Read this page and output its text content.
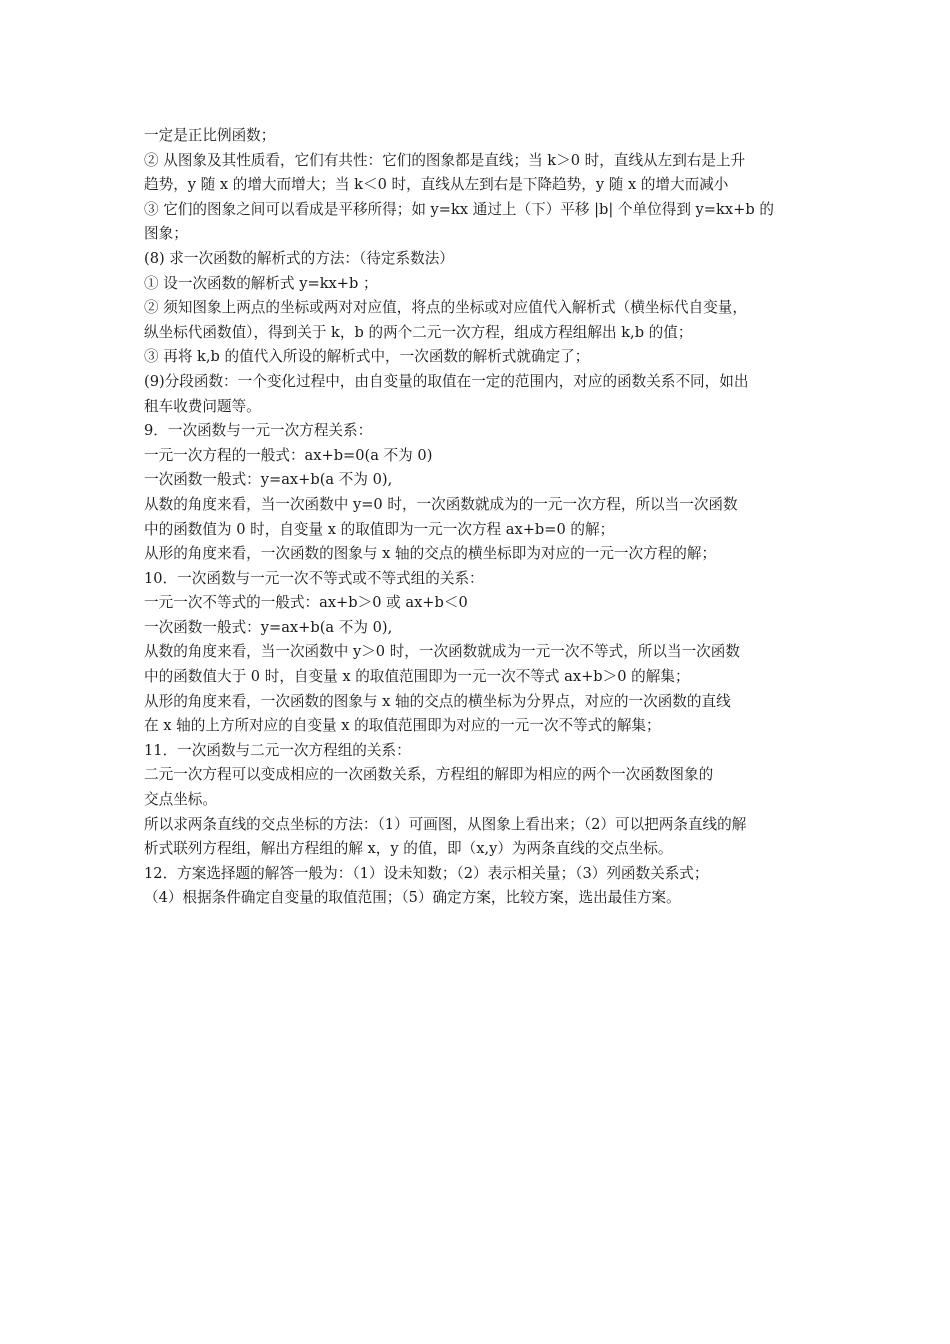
一定是正比例函数；

② 从图象及其性质看，它们有共性：它们的图象都是直线；当 k＞0 时，直线从左到右是上升

趋势，y 随 x 的增大而增大；当 k＜0 时，直线从左到右是下降趋势，y 随 x 的增大而减小

③ 它们的图象之间可以看成是平移所得；如 y=kx 通过上（下）平移 |b| 个单位得到 y=kx+b 的

图象；

(8) 求一次函数的解析式的方法：（待定系数法）

① 设一次函数的解析式 y=kx+b ；

② 须知图象上两点的坐标或两对对应值，将点的坐标或对应值代入解析式（横坐标代自变量，

纵坐标代函数值），得到关于 k，b 的两个二元一次方程，组成方程组解出 k,b 的值；

③ 再将 k,b 的值代入所设的解析式中，一次函数的解析式就确定了；

(9)分段函数：一个变化过程中，由自变量的取值在一定的范围内，对应的函数关系不同，如出

租车收费问题等。

9．一次函数与一元一次方程关系：

一元一次方程的一般式：ax+b=0(a 不为 0)

一次函数一般式：y=ax+b(a 不为 0),

从数的角度来看，当一次函数中 y=0 时，一次函数就成为的一元一次方程，所以当一次函数

中的函数值为 0 时，自变量 x 的取值即为一元一次方程 ax+b=0 的解；

从形的角度来看，一次函数的图象与 x 轴的交点的横坐标即为对应的一元一次方程的解；

10．一次函数与一元一次不等式或不等式组的关系：

一元一次不等式的一般式：ax+b＞0 或 ax+b＜0

一次函数一般式：y=ax+b(a 不为 0),

从数的角度来看，当一次函数中 y＞0 时，一次函数就成为一元一次不等式，所以当一次函数

中的函数值大于 0 时，自变量 x 的取值范围即为一元一次不等式 ax+b＞0 的解集；

从形的角度来看，一次函数的图象与 x 轴的交点的横坐标为分界点，对应的一次函数的直线

在 x 轴的上方所对应的自变量 x 的取值范围即为对应的一元一次不等式的解集；

11．一次函数与二元一次方程组的关系：

二元一次方程可以变成相应的一次函数关系，方程组的解即为相应的两个一次函数图象的

交点坐标。

所以求两条直线的交点坐标的方法：（1）可画图，从图象上看出来；（2）可以把两条直线的解

析式联列方程组，解出方程组的解 x，y 的值，即（x,y）为两条直线的交点坐标。

12．方案选择题的解答一般为：（1）设未知数；（2）表示相关量；（3）列函数关系式；

（4）根据条件确定自变量的取值范围；（5）确定方案，比较方案，选出最佳方案。
